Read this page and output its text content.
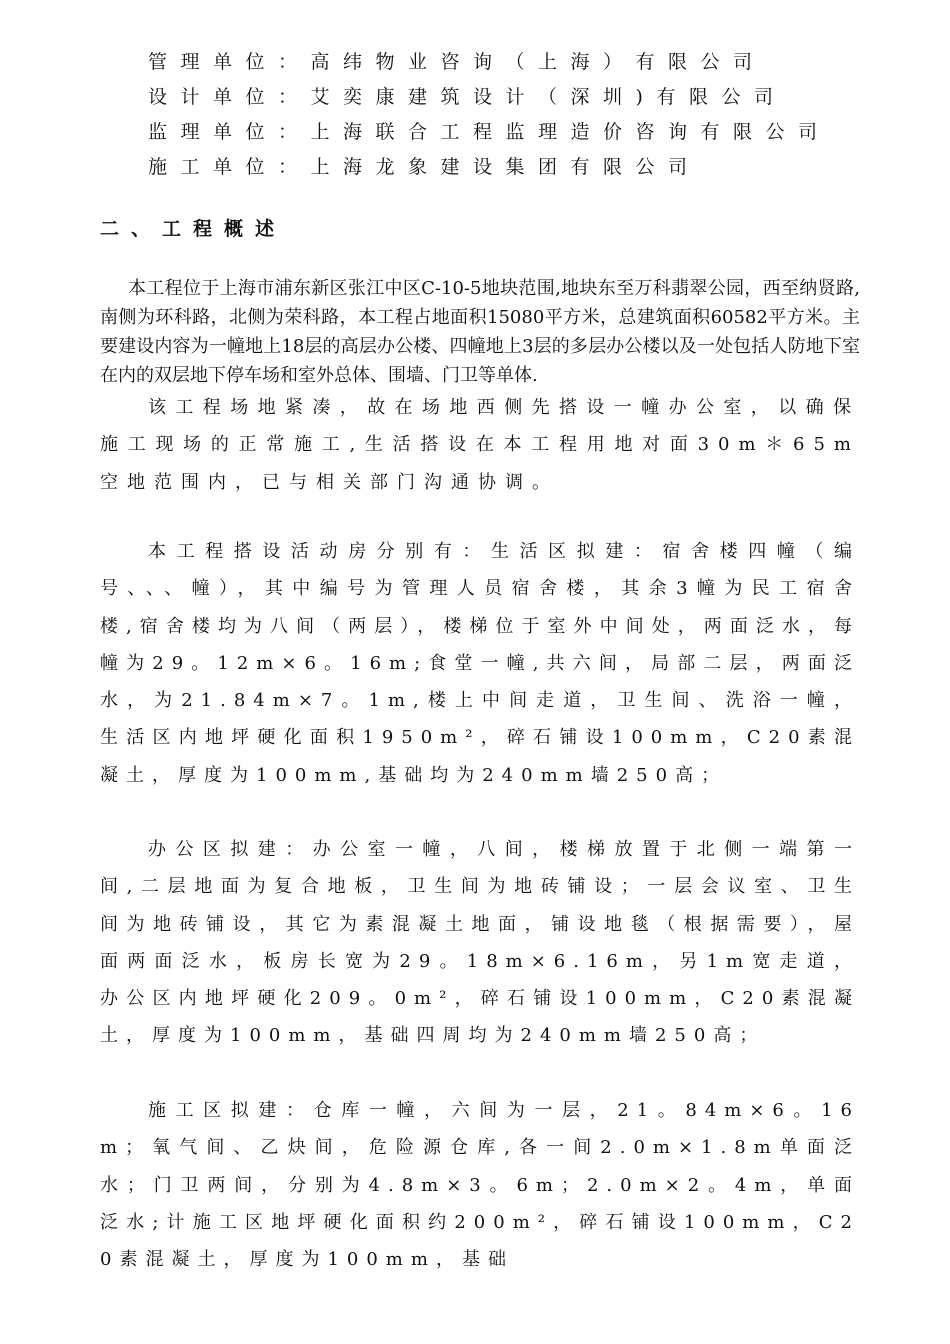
管理单位：高纬物业咨询（上海）有限公司
设计单位：艾奕康建筑设计（深圳)有限公司
监理单位：上海联合工程监理造价咨询有限公司
施工单位：上海龙象建设集团有限公司
二、工程概述

本工程位于上海市浦东新区张江中区C-10-5地块范围,地块东至万科翡翠公园，西至纳贤路,南侧为环科路，北侧为荣科路，本工程占地面积15080平方米，总建筑面积60582平方米。主要建设内容为一幢地上18层的高层办公楼、四幢地上3层的多层办公楼以及一处包括人防地下室在内的双层地下停车场和室外总体、围墙、门卫等单体.

该工程场地紧凑，故在场地西侧先搭设一幢办公室，以确保施工现场的正常施工,生活搭设在本工程用地对面30m＊65m空地范围内，已与相关部门沟通协调。

本工程搭设活动房分别有：生活区拟建：宿舍楼四幢（编号、、、幢），其中编号为管理人员宿舍楼，其余3幢为民工宿舍楼,宿舍楼均为八间（两层），楼梯位于室外中间处，两面泛水，每幢为29。12m×6。16m;食堂一幢,共六间，局部二层，两面泛水，为21.84m×7。1m,楼上中间走道，卫生间、洗浴一幢，生活区内地坪硬化面积1950m²，碎石铺设100mm，C20素混凝土，厚度为100mm,基础均为240mm墙250高；

办公区拟建：办公室一幢，八间，楼梯放置于北侧一端第一间,二层地面为复合地板，卫生间为地砖铺设；一层会议室、卫生间为地砖铺设，其它为素混凝土地面，铺设地毯（根据需要），屋面两面泛水，板房长宽为29。18m×6.16m，另1m宽走道，办公区内地坪硬化209。0m²，碎石铺设100mm，C20素混凝土，厚度为100mm，基础四周均为240mm墙250高；

施工区拟建：仓库一幢，六间为一层，21。84m×6。16m；氧气间、乙炔间，危险源仓库,各一间2.0m×1.8m单面泛水；门卫两间，分别为4.8m×3。6m；2.0m×2。4m，单面泛水;计施工区地坪硬化面积约200m²，碎石铺设100mm，C20素混凝土，厚度为100mm，基础
